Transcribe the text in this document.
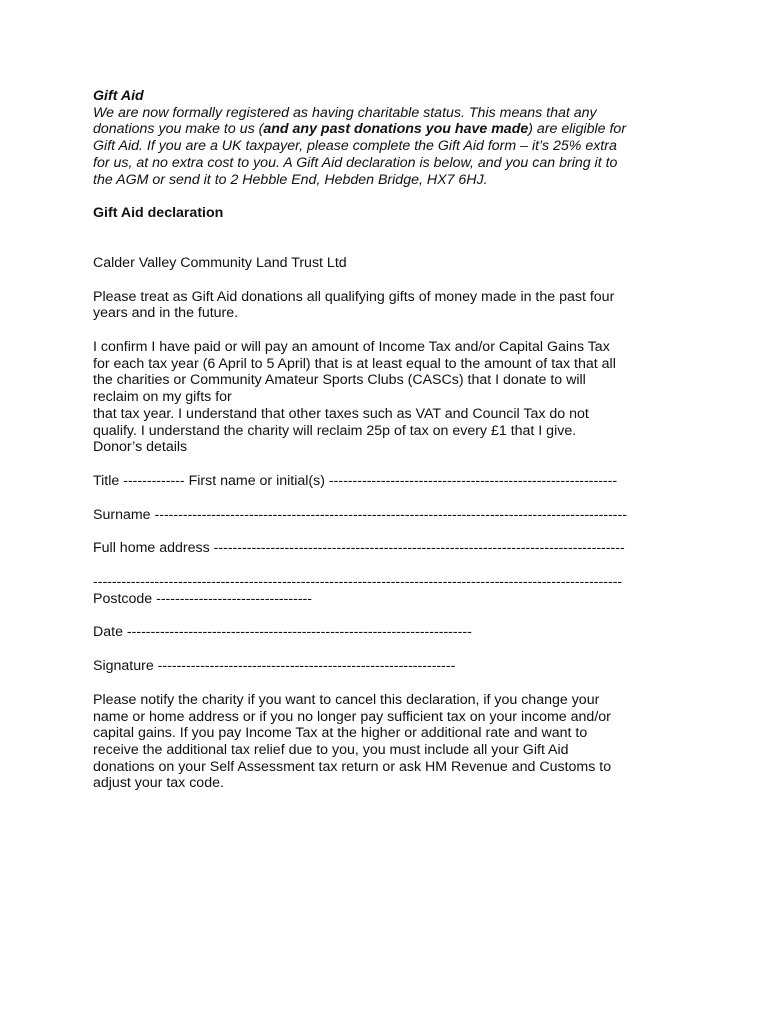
Gift Aid

We are now formally registered as having charitable status. This means that any
donations you make to us (and any past donations you have made) are eligible for
Gift Aid. If you are a UK taxpayer, please complete the Gift Aid form – it’s 25% extra
for us, at no extra cost to you. A Gift Aid declaration is below, and you can bring it to
the AGM or send it to 2 Hebble End, Hebden Bridge, HX7 6HJ.

Gift Aid declaration

Calder Valley Community Land Trust Ltd

Please treat as Gift Aid donations all qualifying gifts of money made in the past four
years and in the future.

I confirm I have paid or will pay an amount of Income Tax and/or Capital Gains Tax
for each tax year (6 April to 5 April) that is at least equal to the amount of tax that all
the charities or Community Amateur Sports Clubs (CASCs) that I donate to will
reclaim on my gifts for
that tax year. I understand that other taxes such as VAT and Council Tax do not
qualify. I understand the charity will reclaim 25p of tax on every £1 that I give.
Donor’s details

Title ------------- First name or initial(s) -------------------------------------------------------------

Surname ----------------------------------------------------------------------------------------------------

Full home address ---------------------------------------------------------------------------------------

----------------------------------------------------------------------------------------------------------------

Postcode ---------------------------------

Date -------------------------------------------------------------------------

Signature ---------------------------------------------------------------

Please notify the charity if you want to cancel this declaration, if you change your
name or home address or if you no longer pay sufficient tax on your income and/or
capital gains. If you pay Income Tax at the higher or additional rate and want to
receive the additional tax relief due to you, you must include all your Gift Aid
donations on your Self Assessment tax return or ask HM Revenue and Customs to
adjust your tax code.
